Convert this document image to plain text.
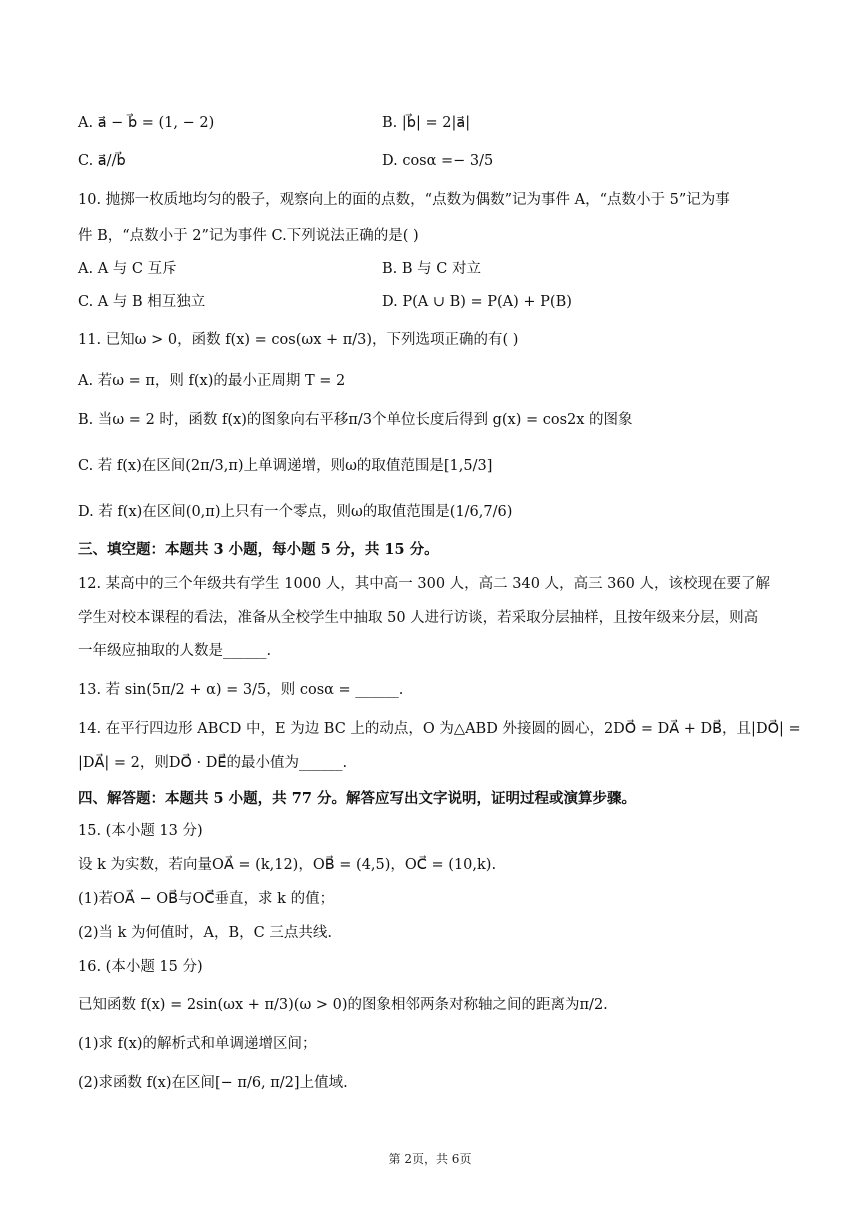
A. a⃗ − b⃗ = (1, − 2)	B. |b⃗| = 2|a⃗|
C. a⃗//b⃗	D. cosα =− 3/5
10. 抛掷一枚质地均匀的骰子，观察向上的面的点数，“点数为偶数”记为事件 A，“点数小于 5”记为事
件 B，“点数小于 2”记为事件 C.下列说法正确的是( )
A. A 与 C 互斥	B. B 与 C 对立
C. A 与 B 相互独立	D. P(A ∪ B) = P(A) + P(B)
11. 已知ω > 0，函数 f(x) = cos(ωx + π/3)，下列选项正确的有( )
A. 若ω = π，则 f(x)的最小正周期 T = 2
B. 当ω = 2 时，函数 f(x)的图象向右平移π/3个单位长度后得到 g(x) = cos2x 的图象
C. 若 f(x)在区间(2π/3,π)上单调递增，则ω的取值范围是[1,5/3]
D. 若 f(x)在区间(0,π)上只有一个零点，则ω的取值范围是(1/6,7/6)
三、填空题：本题共 3 小题，每小题 5 分，共 15 分。
12. 某高中的三个年级共有学生 1000 人，其中高一 300 人，高二 340 人，高三 360 人，该校现在要了解
学生对校本课程的看法，准备从全校学生中抽取 50 人进行访谈，若采取分层抽样，且按年级来分层，则高
一年级应抽取的人数是______.
13. 若 sin(5π/2 + α) = 3/5，则 cosα = ______.
14. 在平行四边形 ABCD 中，E 为边 BC 上的动点，O 为△ABD 外接圆的圆心，2DO⃗ = DA⃗ + DB⃗，且|DO⃗| =
|DA⃗| = 2，则DO⃗ · DE⃗的最小值为______.
四、解答题：本题共 5 小题，共 77 分。解答应写出文字说明，证明过程或演算步骤。
15. (本小题 13 分)
设 k 为实数，若向量OA⃗ = (k,12)，OB⃗ = (4,5)，OC⃗ = (10,k).
(1)若OA⃗ − OB⃗与OC⃗垂直，求 k 的值；
(2)当 k 为何值时，A，B，C 三点共线.
16. (本小题 15 分)
已知函数 f(x) = 2sin(ωx + π/3)(ω > 0)的图象相邻两条对称轴之间的距离为π/2.
(1)求 f(x)的解析式和单调递增区间；
(2)求函数 f(x)在区间[− π/6, π/2]上值域.
第 2页，共 6页
